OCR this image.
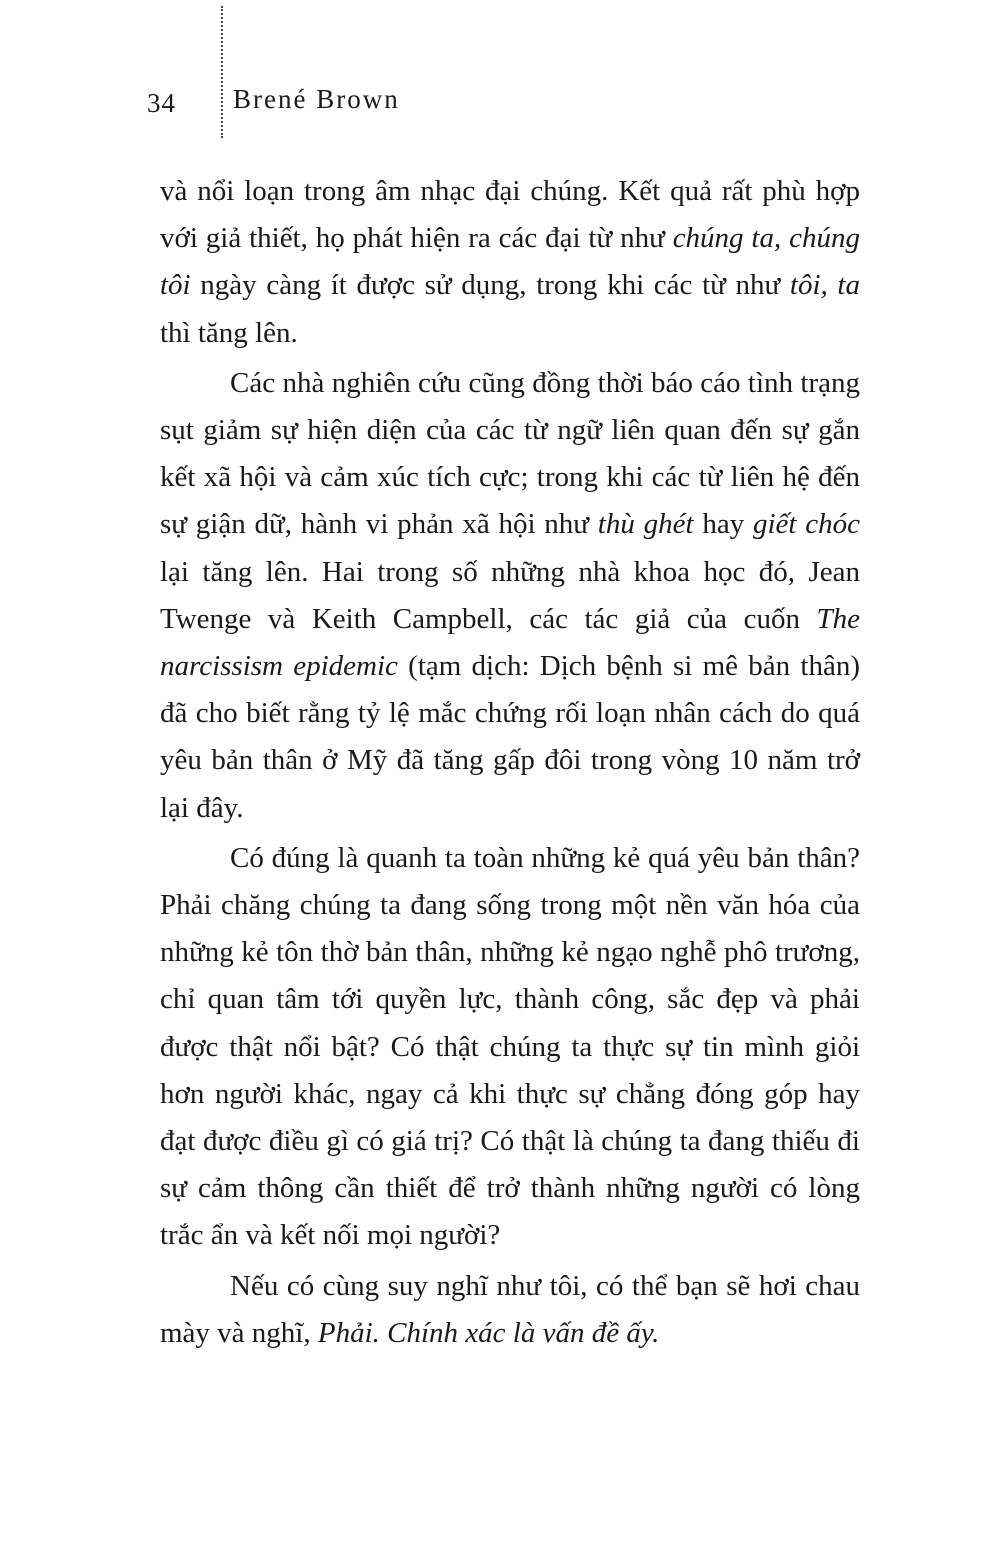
34 Brené Brown

và nổi loạn trong âm nhạc đại chúng. Kết quả rất phù hợp với giả thiết, họ phát hiện ra các đại từ như chúng ta, chúng tôi ngày càng ít được sử dụng, trong khi các từ như tôi, ta thì tăng lên.

Các nhà nghiên cứu cũng đồng thời báo cáo tình trạng sụt giảm sự hiện diện của các từ ngữ liên quan đến sự gắn kết xã hội và cảm xúc tích cực; trong khi các từ liên hệ đến sự giận dữ, hành vi phản xã hội như thù ghét hay giết chóc lại tăng lên. Hai trong số những nhà khoa học đó, Jean Twenge và Keith Campbell, các tác giả của cuốn The narcissism epidemic (tạm dịch: Dịch bệnh si mê bản thân) đã cho biết rằng tỷ lệ mắc chứng rối loạn nhân cách do quá yêu bản thân ở Mỹ đã tăng gấp đôi trong vòng 10 năm trở lại đây.

Có đúng là quanh ta toàn những kẻ quá yêu bản thân? Phải chăng chúng ta đang sống trong một nền văn hóa của những kẻ tôn thờ bản thân, những kẻ ngạo nghễ phô trương, chỉ quan tâm tới quyền lực, thành công, sắc đẹp và phải được thật nổi bật? Có thật chúng ta thực sự tin mình giỏi hơn người khác, ngay cả khi thực sự chẳng đóng góp hay đạt được điều gì có giá trị? Có thật là chúng ta đang thiếu đi sự cảm thông cần thiết để trở thành những người có lòng trắc ẩn và kết nối mọi người?

Nếu có cùng suy nghĩ như tôi, có thể bạn sẽ hơi chau mày và nghĩ, Phải. Chính xác là vấn đề ấy.
